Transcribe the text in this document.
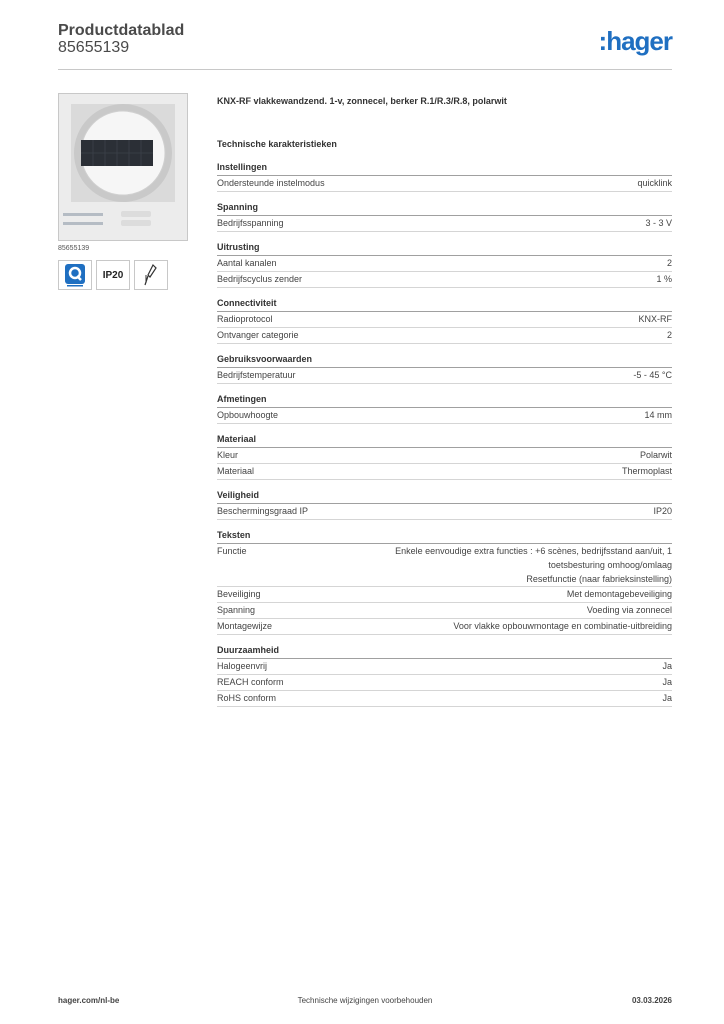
Productdatablad
85655139	:hager
85655139
IP20
KNX-RF vlakkewandzend. 1-v, zonnecel, berker R.1/R.3/R.8, polarwit
Technische karakteristieken
Instellingen
Ondersteunde instelmodus	quicklink
Spanning
Bedrijfsspanning	3 - 3 V
Uitrusting
Aantal kanalen	2
Bedrijfscyclus zender	1 %
Connectiviteit
Radioprotocol	KNX-RF
Ontvanger categorie	2
Gebruiksvoorwaarden
Bedrijfstemperatuur	-5 - 45 °C
Afmetingen
Opbouwhoogte	14 mm
Materiaal
Kleur	Polarwit
Materiaal	Thermoplast
Veiligheid
Beschermingsgraad IP	IP20
Teksten
Functie	Enkele eenvoudige extra functies : +6 scènes, bedrijfsstand aan/uit, 1
toetsbesturing omhoog/omlaag
Resetfunctie (naar fabrieksinstelling)
Beveiliging	Met demontagebeveiliging
Spanning	Voeding via zonnecel
Montagewijze	Voor vlakke opbouwmontage en combinatie-uitbreiding
Duurzaamheid
Halogeenvrij	Ja
REACH conform	Ja
RoHS conform	Ja
hager.com/nl-be	Technische wijzigingen voorbehouden	03.03.2026
